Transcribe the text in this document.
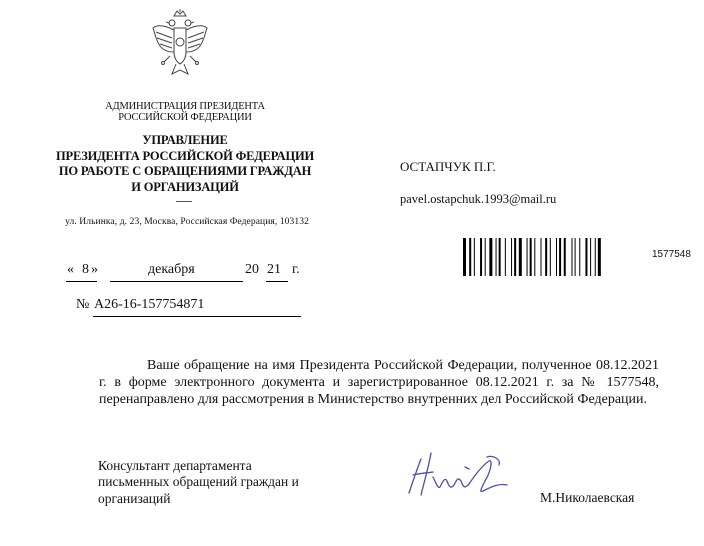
АДМИНИСТРАЦИЯ ПРЕЗИДЕНТА
РОССИЙСКОЙ ФЕДЕРАЦИИ
УПРАВЛЕНИЕ
ПРЕЗИДЕНТА РОССИЙСКОЙ ФЕДЕРАЦИИ
ПО РАБОТЕ С ОБРАЩЕНИЯМИ ГРАЖДАН
И ОРГАНИЗАЦИЙ
ул. Ильинка, д. 23, Москва, Российская Федерация, 103132
ОСТАПЧУК П.Г.
pavel.ostapchuk.1993@mail.ru
1577548
« 8 »	декабря	20 21 г.
№ А26-16-157754871
Ваше обращение на имя Президента Российской Федерации, полученное 08.12.2021 г. в форме электронного документа и зарегистрированное 08.12.2021 г. за № 1577548, перенаправлено для рассмотрения в Министерство внутренних дел Российской Федерации.
Консультант департамента
письменных обращений граждан и
организаций	М.Николаевская
